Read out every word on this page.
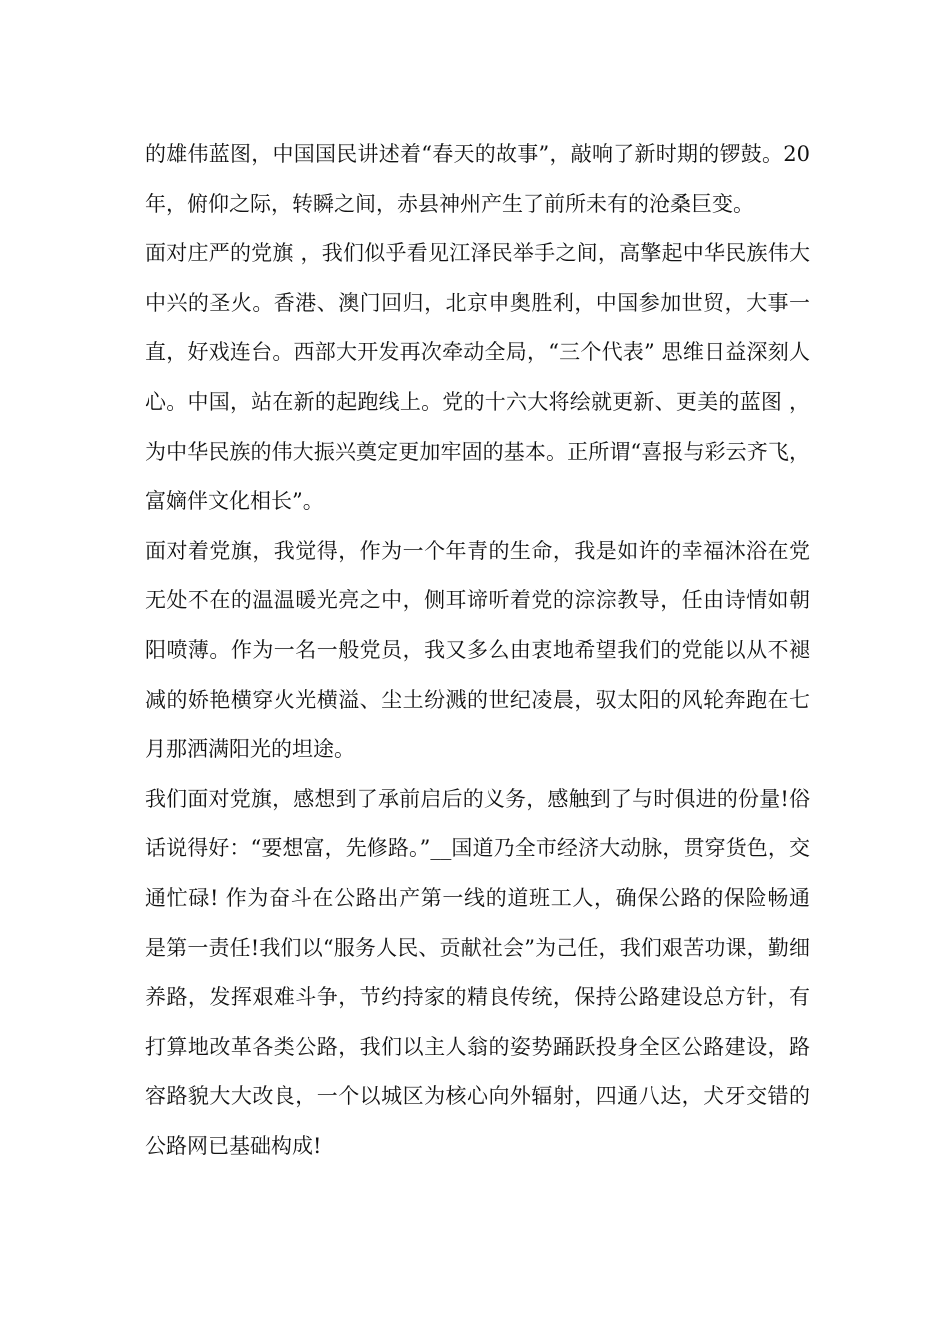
的雄伟蓝图，中国国民讲述着“春天的故事”，敲响了新时期的锣鼓。20年，俯仰之际，转瞬之间，赤县神州产生了前所未有的沧桑巨变。

面对庄严的党旗 ，我们似乎看见江泽民举手之间，高擎起中华民族伟大中兴的圣火。香港、澳门回归，北京申奥胜利，中国参加世贸，大事一直，好戏连台。西部大开发再次牵动全局，“三个代表” 思维日益深刻人心。中国，站在新的起跑线上。党的十六大将绘就更新、更美的蓝图 ，为中华民族的伟大振兴奠定更加牢固的基本。正所谓“喜报与彩云齐飞，富嫡伴文化相长”。

面对着党旗，我觉得，作为一个年青的生命，我是如许的幸福沐浴在党无处不在的温温暖光亮之中，侧耳谛听着党的淙淙教导，任由诗情如朝阳喷薄。作为一名一般党员，我又多么由衷地希望我们的党能以从不褪减的娇艳横穿火光横溢、尘土纷溅的世纪凌晨，驭太阳的风轮奔跑在七月那洒满阳光的坦途。

我们面对党旗，感想到了承前启后的义务，感触到了与时俱进的份量!俗话说得好：“要想富，先修路。”__国道乃全市经济大动脉，贯穿货色，交通忙碌! 作为奋斗在公路出产第一线的道班工人，确保公路的保险畅通是第一责任!我们以“服务人民、贡献社会”为己任，我们艰苦功课，勤细养路，发挥艰难斗争，节约持家的精良传统，保持公路建设总方针，有打算地改革各类公路，我们以主人翁的姿势踊跃投身全区公路建设，路容路貌大大改良，一个以城区为核心向外辐射，四通八达，犬牙交错的公路网已基础构成!
